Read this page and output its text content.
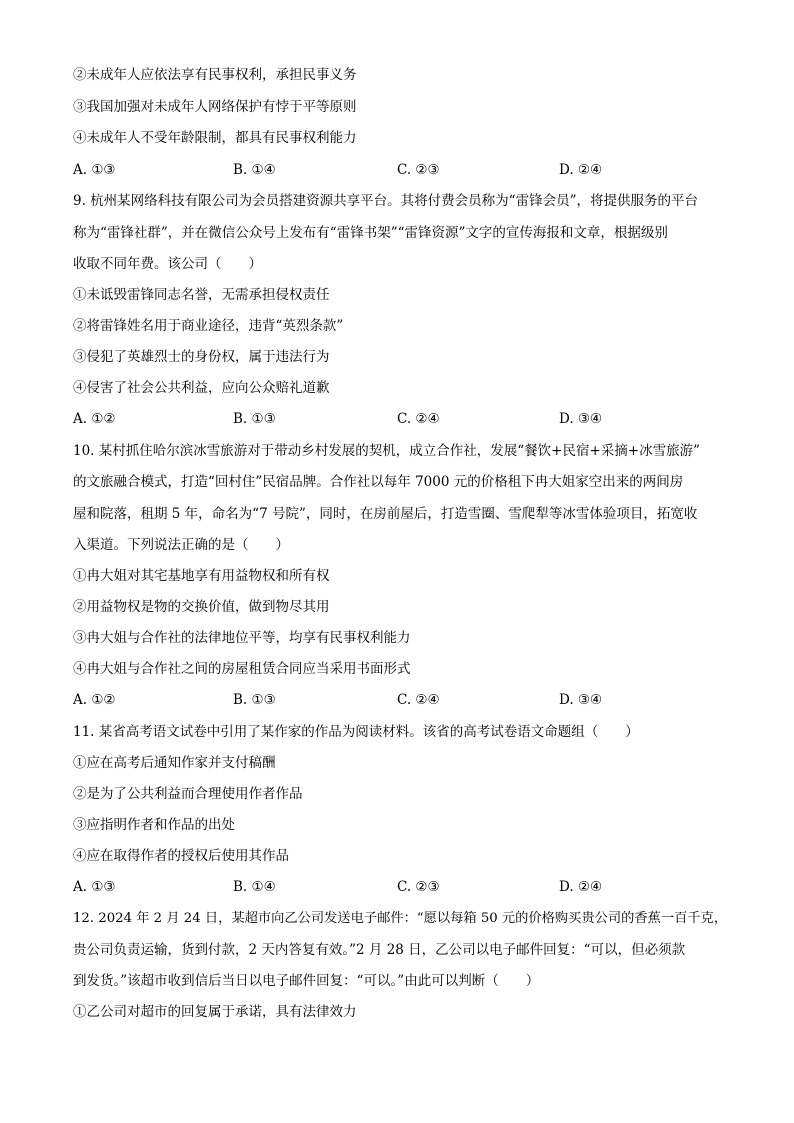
②未成年人应依法享有民事权利，承担民事义务
③我国加强对未成年人网络保护有悖于平等原则
④未成年人不受年龄限制，都具有民事权利能力
A. ①③	B. ①④	C. ②③	D. ②④
9. 杭州某网络科技有限公司为会员搭建资源共享平台。其将付费会员称为“雷锋会员”，将提供服务的平台
称为“雷锋社群”，并在微信公众号上发布有“雷锋书架”“雷锋资源”文字的宣传海报和文章，根据级别
收取不同年费。该公司（　　）
①未诋毁雷锋同志名誉，无需承担侵权责任
②将雷锋姓名用于商业途径，违背“英烈条款”
③侵犯了英雄烈士的身份权，属于违法行为
④侵害了社会公共利益，应向公众赔礼道歉
A. ①②	B. ①③	C. ②④	D. ③④
10. 某村抓住哈尔滨冰雪旅游对于带动乡村发展的契机，成立合作社，发展“餐饮+民宿+采摘+冰雪旅游”
的文旅融合模式，打造“回村住”民宿品牌。合作社以每年 7000 元的价格租下冉大姐家空出来的两间房
屋和院落，租期 5 年，命名为“7 号院”，同时，在房前屋后，打造雪圈、雪爬犁等冰雪体验项目，拓宽收
入渠道。下列说法正确的是（　　）
①冉大姐对其宅基地享有用益物权和所有权
②用益物权是物的交换价值，做到物尽其用
③冉大姐与合作社的法律地位平等，均享有民事权利能力
④冉大姐与合作社之间的房屋租赁合同应当采用书面形式
A. ①②	B. ①③	C. ②④	D. ③④
11. 某省高考语文试卷中引用了某作家的作品为阅读材料。该省的高考试卷语文命题组（　　）
①应在高考后通知作家并支付稿酬
②是为了公共利益而合理使用作者作品
③应指明作者和作品的出处
④应在取得作者的授权后使用其作品
A. ①③	B. ①④	C. ②③	D. ②④
12. 2024 年 2 月 24 日，某超市向乙公司发送电子邮件：“愿以每箱 50 元的价格购买贵公司的香蕉一百千克，
贵公司负责运输，货到付款，2 天内答复有效。”2 月 28 日，乙公司以电子邮件回复：“可以，但必须款
到发货。”该超市收到信后当日以电子邮件回复：“可以。”由此可以判断（　　）
①乙公司对超市的回复属于承诺，具有法律效力
